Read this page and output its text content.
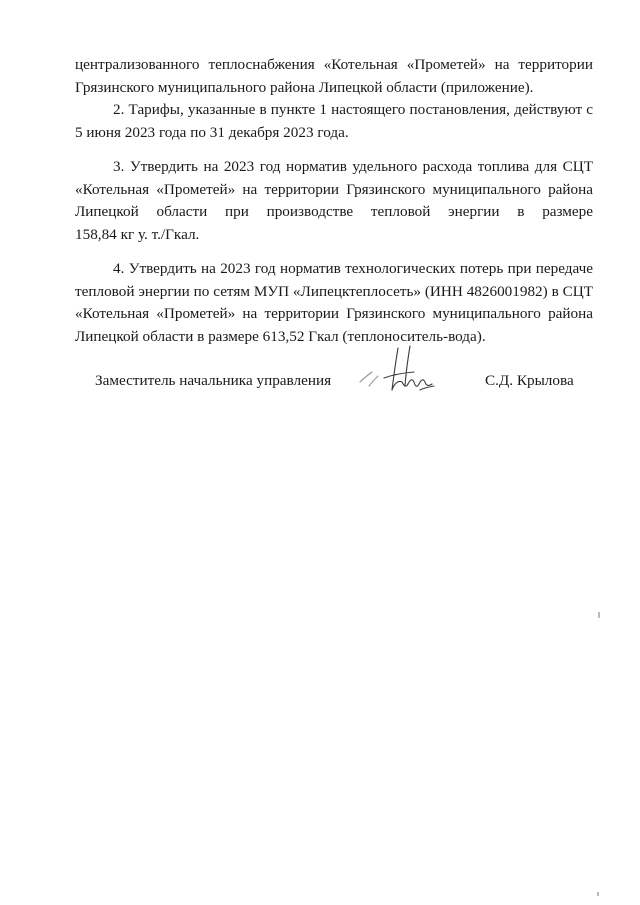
централизованного теплоснабжения «Котельная «Прометей» на территории
Грязинского муниципального района Липецкой области (приложение).
2. Тарифы, указанные в пункте 1 настоящего постановления, действуют с
5 июня 2023 года по 31 декабря 2023 года.
3. Утвердить на 2023 год норматив удельного расхода топлива для СЦТ
«Котельная «Прометей» на территории Грязинского муниципального района
Липецкой области при производстве тепловой энергии в размере
158,84 кг у. т./Гкал.
4. Утвердить на 2023 год норматив технологических потерь при передаче
тепловой энергии по сетям МУП «Липецктеплосеть» (ИНН 4826001982) в СЦТ
«Котельная «Прометей» на территории Грязинского муниципального района
Липецкой области в размере 613,52 Гкал (теплоноситель-вода).
Заместитель начальника управления	С.Д. Крылова
